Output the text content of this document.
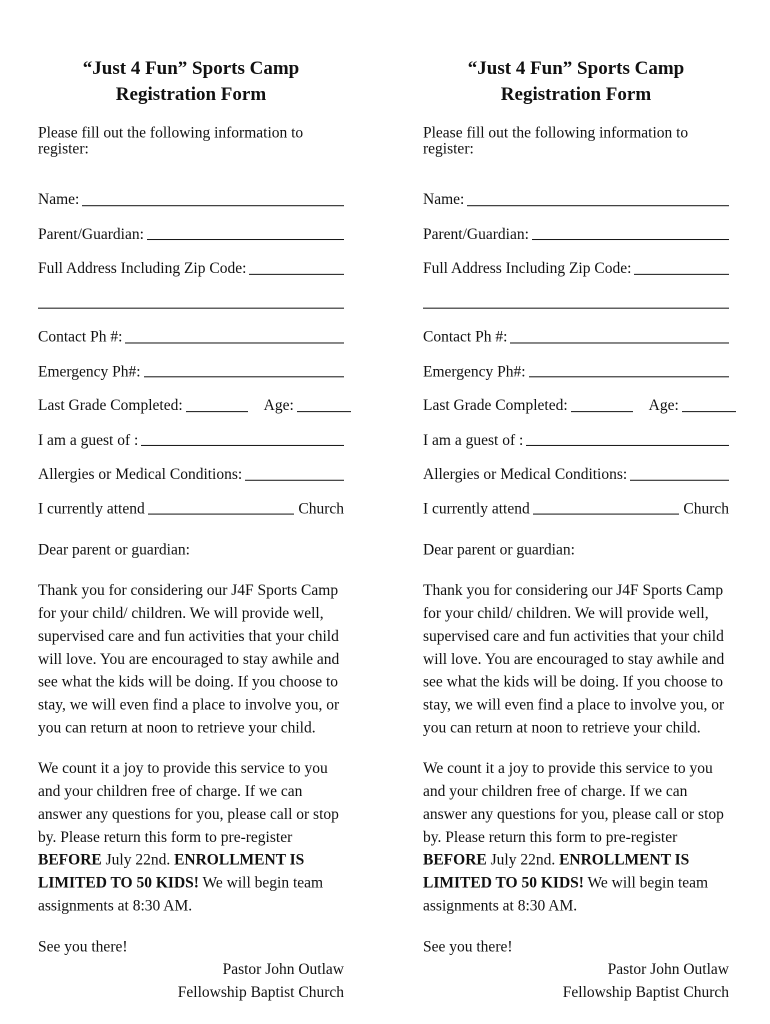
“Just 4 Fun” Sports Camp

Registration Form

Please fill out the following information to register:

Name:
Parent/Guardian:
Full Address Including Zip Code:
Contact Ph #:
Emergency Ph#:
Last Grade Completed:	Age:
I am a guest of :
Allergies or Medical Conditions:
I currently attend	Church

Dear parent or guardian:

Thank you for considering our J4F Sports Camp for your child/ children. We will provide well, supervised care and fun activities that your child will love. You are encouraged to stay awhile and see what the kids will be doing. If you choose to stay, we will even find a place to involve you, or you can return at noon to retrieve your child.

We count it a joy to provide this service to you and your children free of charge. If we can answer any questions for you, please call or stop by. Please return this form to pre-register BEFORE July 22nd. ENROLLMENT IS LIMITED TO 50 KIDS! We will begin team assignments at 8:30 AM.

See you there!

Pastor John Outlaw

Fellowship Baptist Church

“Just 4 Fun” Sports Camp

Registration Form

Please fill out the following information to register:

Name:
Parent/Guardian:
Full Address Including Zip Code:
Contact Ph #:
Emergency Ph#:
Last Grade Completed:	Age:
I am a guest of :
Allergies or Medical Conditions:
I currently attend	Church

Dear parent or guardian:

Thank you for considering our J4F Sports Camp for your child/ children. We will provide well, supervised care and fun activities that your child will love. You are encouraged to stay awhile and see what the kids will be doing. If you choose to stay, we will even find a place to involve you, or you can return at noon to retrieve your child.

We count it a joy to provide this service to you and your children free of charge. If we can answer any questions for you, please call or stop by. Please return this form to pre-register BEFORE July 22nd. ENROLLMENT IS LIMITED TO 50 KIDS! We will begin team assignments at 8:30 AM.

See you there!

Pastor John Outlaw

Fellowship Baptist Church
